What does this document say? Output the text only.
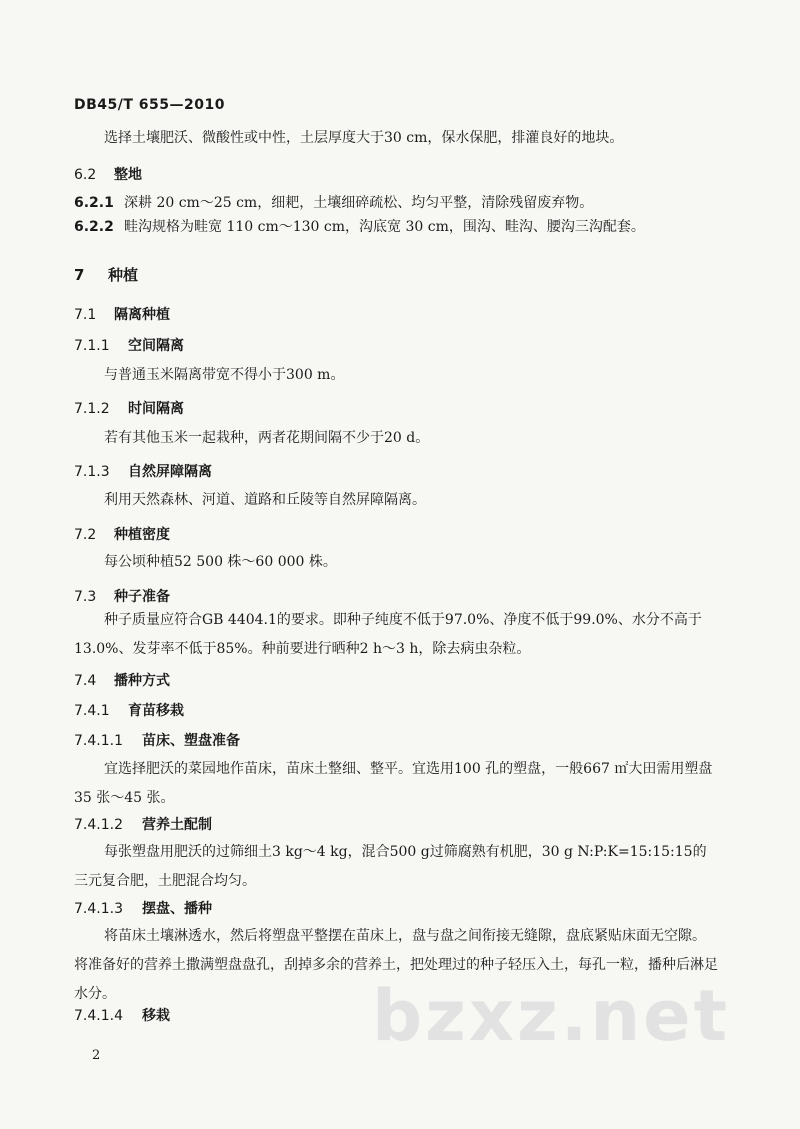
DB45/T 655—2010
选择土壤肥沃、微酸性或中性，土层厚度大于30 cm，保水保肥，排灌良好的地块。
6.2	整地
6.2.1 深耕 20 cm～25 cm，细耙，土壤细碎疏松、均匀平整，清除残留废弃物。
6.2.2 畦沟规格为畦宽 110 cm～130 cm，沟底宽 30 cm，围沟、畦沟、腰沟三沟配套。
7	种植
7.1	隔离种植
7.1.1	空间隔离
与普通玉米隔离带宽不得小于300 m。
7.1.2	时间隔离
若有其他玉米一起栽种，两者花期间隔不少于20 d。
7.1.3	自然屏障隔离
利用天然森林、河道、道路和丘陵等自然屏障隔离。
7.2	种植密度
每公顷种植52 500 株～60 000 株。
7.3	种子准备
种子质量应符合GB 4404.1的要求。即种子纯度不低于97.0%、净度不低于99.0%、水分不高于13.0%、发芽率不低于85%。种前要进行晒种2 h～3 h，除去病虫杂粒。
7.4	播种方式
7.4.1	育苗移栽
7.4.1.1	苗床、塑盘准备
宜选择肥沃的菜园地作苗床，苗床土整细、整平。宜选用100 孔的塑盘，一般667 ㎡大田需用塑盘35 张～45 张。
7.4.1.2	营养土配制
每张塑盘用肥沃的过筛细土3 kg～4 kg，混合500 g过筛腐熟有机肥，30 g N:P:K=15:15:15的三元复合肥，土肥混合均匀。
7.4.1.3	摆盘、播种
将苗床土壤淋透水，然后将塑盘平整摆在苗床上，盘与盘之间衔接无缝隙，盘底紧贴床面无空隙。将准备好的营养土撒满塑盘盘孔，刮掉多余的营养土，把处理过的种子轻压入土，每孔一粒，播种后淋足水分。
7.4.1.4	移栽	bzxz.net
2
